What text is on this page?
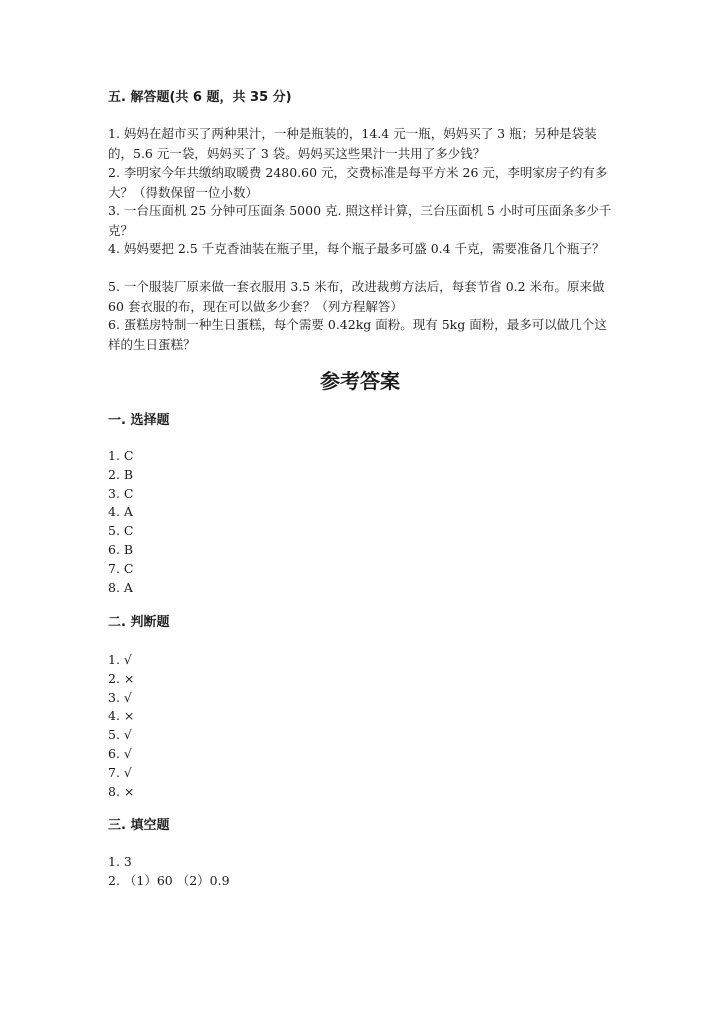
五. 解答题(共 6 题，共 35 分)

1. 妈妈在超市买了两种果汁，一种是瓶装的，14.4 元一瓶，妈妈买了 3 瓶；另种是袋装的，5.6 元一袋，妈妈买了 3 袋。妈妈买这些果汁一共用了多少钱？

2. 李明家今年共缴纳取暖费 2480.60 元，交费标准是每平方米 26 元，李明家房子约有多大？（得数保留一位小数）

3. 一台压面机 25 分钟可压面条 5000 克. 照这样计算，三台压面机 5 小时可压面条多少千克？

4. 妈妈要把 2.5 千克香油装在瓶子里，每个瓶子最多可盛 0.4 千克，需要准备几个瓶子？

5. 一个服装厂原来做一套衣服用 3.5 米布，改进裁剪方法后，每套节省 0.2 米布。原来做 60 套衣服的布，现在可以做多少套？（列方程解答）

6. 蛋糕房特制一种生日蛋糕，每个需要 0.42kg 面粉。现有 5kg 面粉，最多可以做几个这样的生日蛋糕？

参考答案
一. 选择题
1. C
2. B
3. C
4. A
5. C
6. B
7. C
8. A
二. 判断题
1. √
2. ×
3. √
4. ×
5. √
6. √
7. √
8. ×
三. 填空题
1. 3
2. （1）60 （2）0.9
